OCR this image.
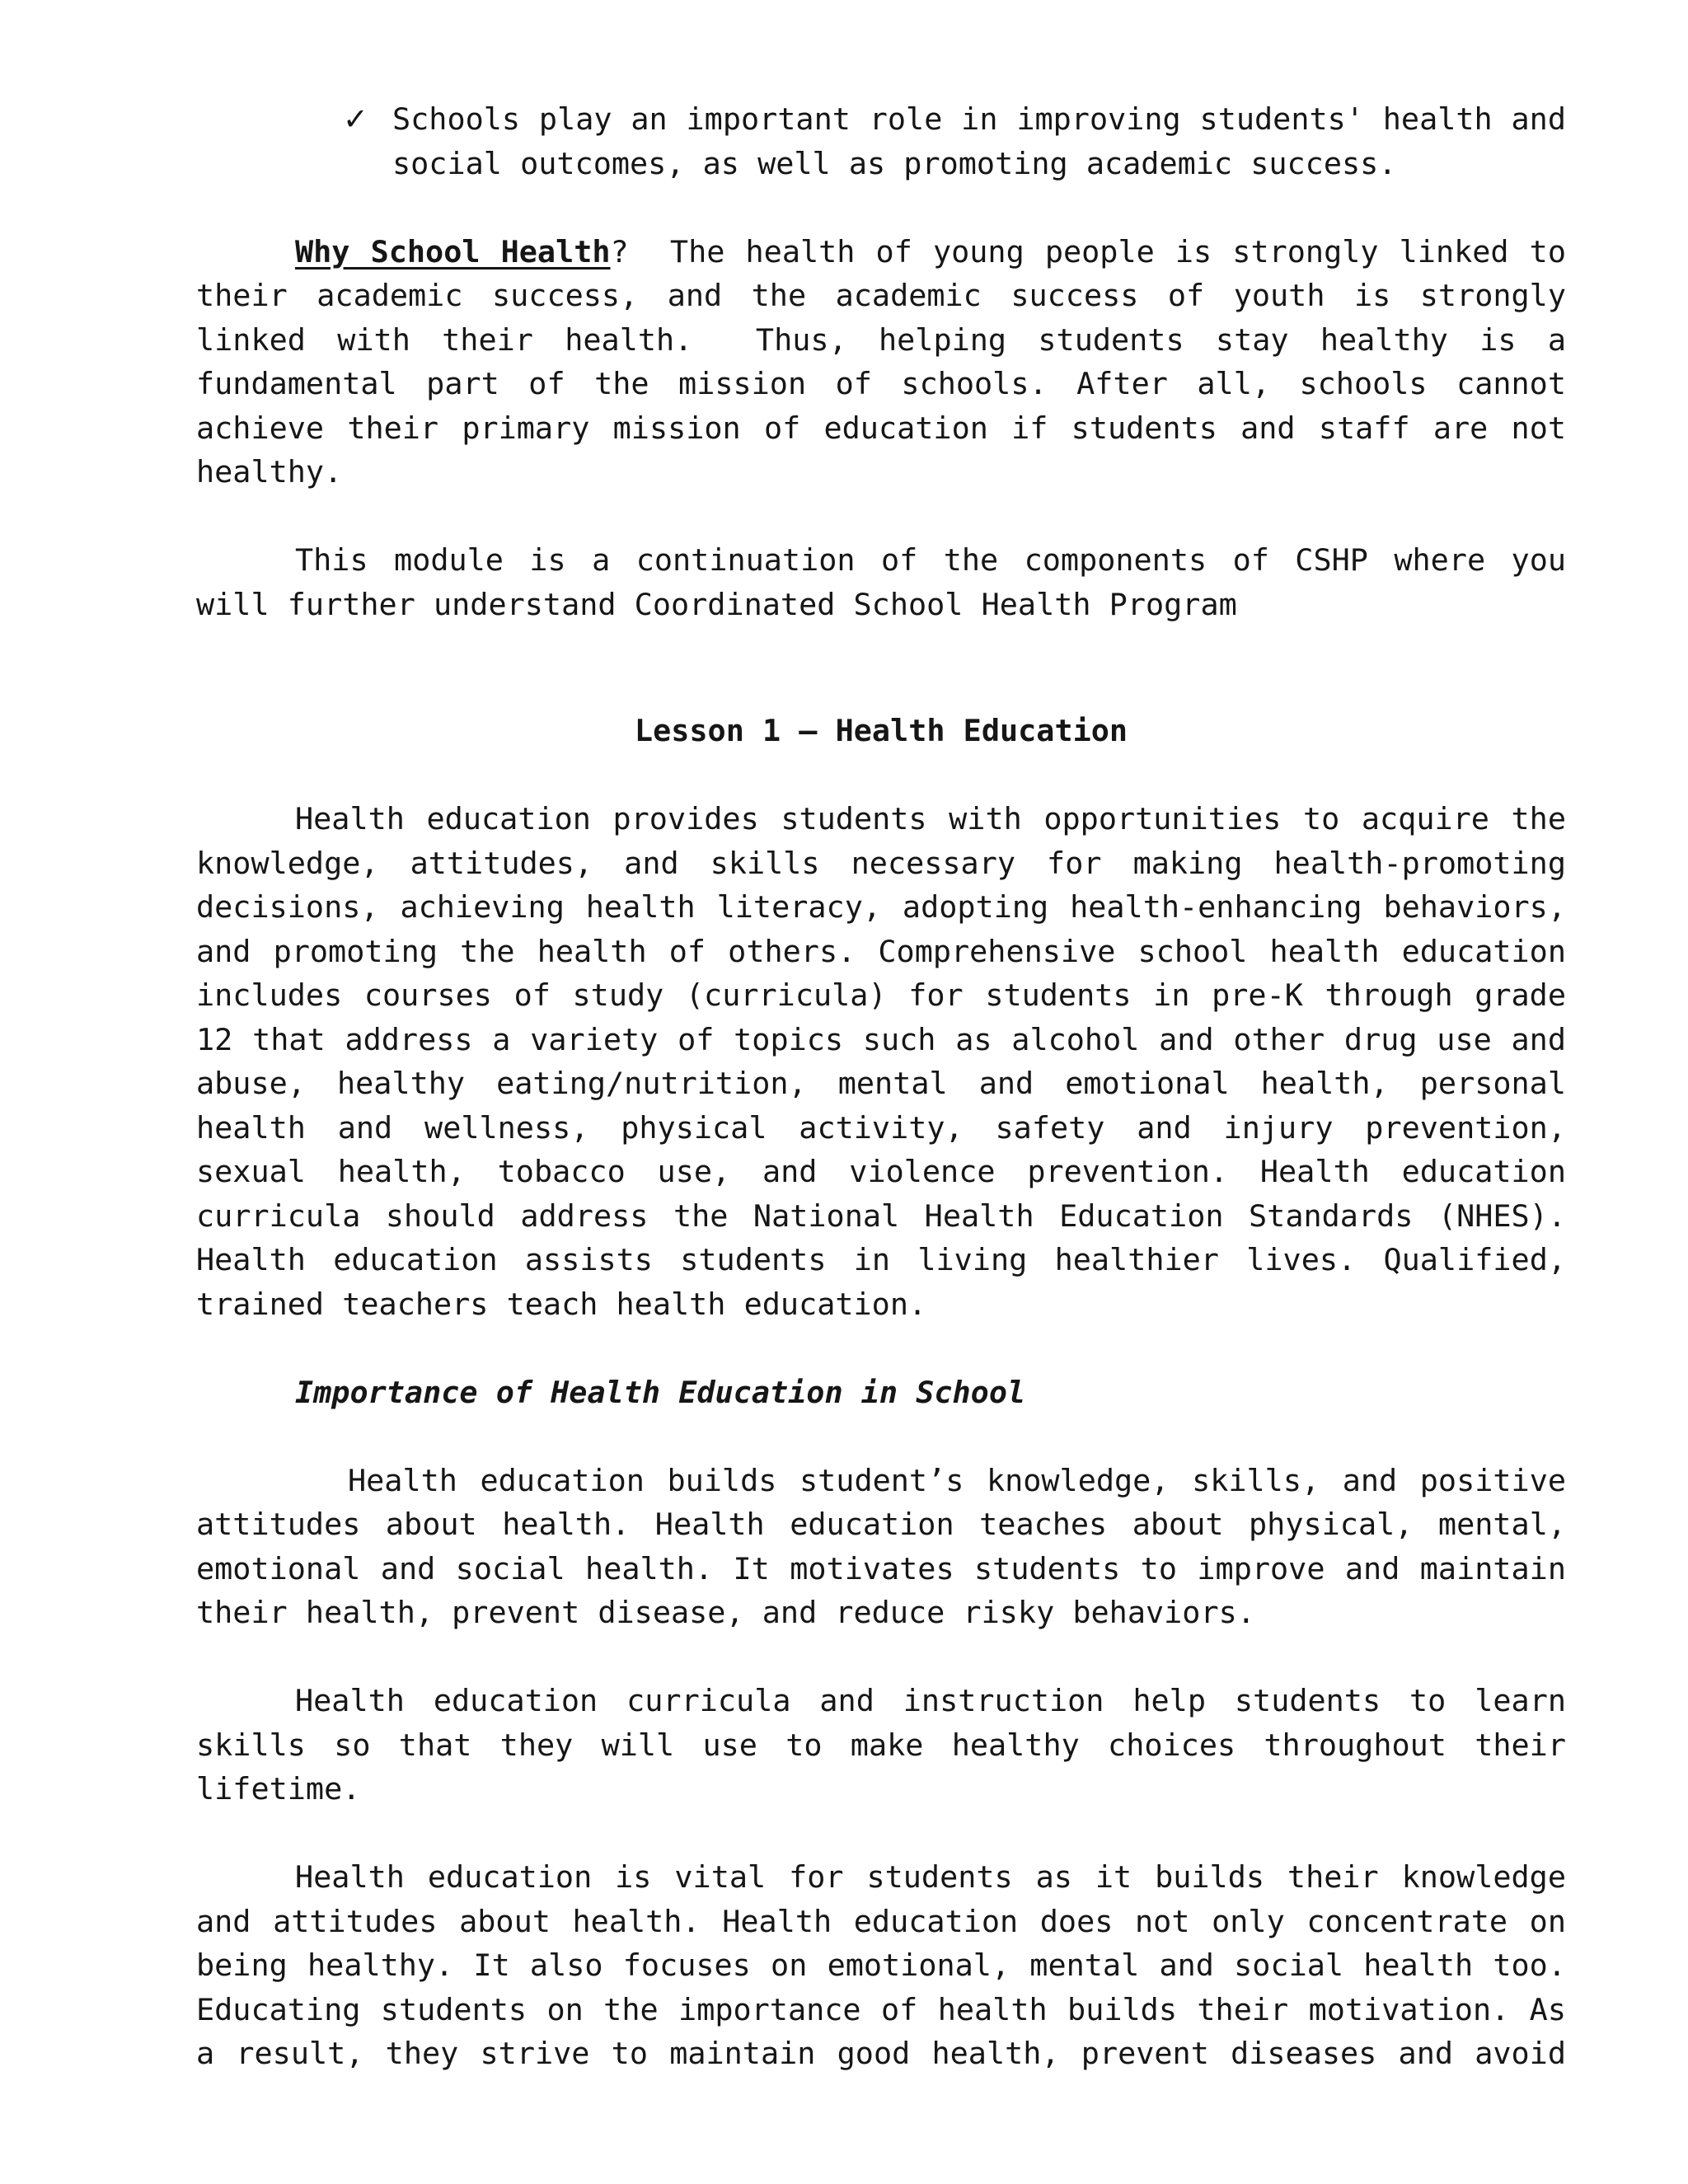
✓ Schools play an important role in improving students' health and social outcomes, as well as promoting academic success.

Why School Health?  The health of young people is strongly linked to their academic success, and the academic success of youth is strongly linked with their health.  Thus, helping students stay healthy is a fundamental part of the mission of schools. After all, schools cannot achieve their primary mission of education if students and staff are not healthy.

This module is a continuation of the components of CSHP where you will further understand Coordinated School Health Program

Lesson 1 – Health Education

Health education provides students with opportunities to acquire the knowledge, attitudes, and skills necessary for making health-promoting decisions, achieving health literacy, adopting health-enhancing behaviors, and promoting the health of others. Comprehensive school health education includes courses of study (curricula) for students in pre-K through grade 12 that address a variety of topics such as alcohol and other drug use and abuse, healthy eating/nutrition, mental and emotional health, personal health and wellness, physical activity, safety and injury prevention, sexual health, tobacco use, and violence prevention. Health education curricula should address the National Health Education Standards (NHES). Health education assists students in living healthier lives. Qualified, trained teachers teach health education.

Importance of Health Education in School

Health education builds student’s knowledge, skills, and positive attitudes about health. Health education teaches about physical, mental, emotional and social health. It motivates students to improve and maintain their health, prevent disease, and reduce risky behaviors.

Health education curricula and instruction help students to learn skills so that they will use to make healthy choices throughout their lifetime.

Health education is vital for students as it builds their knowledge and attitudes about health. Health education does not only concentrate on being healthy. It also focuses on emotional, mental and social health too. Educating students on the importance of health builds their motivation. As a result, they strive to maintain good health, prevent diseases and avoid
